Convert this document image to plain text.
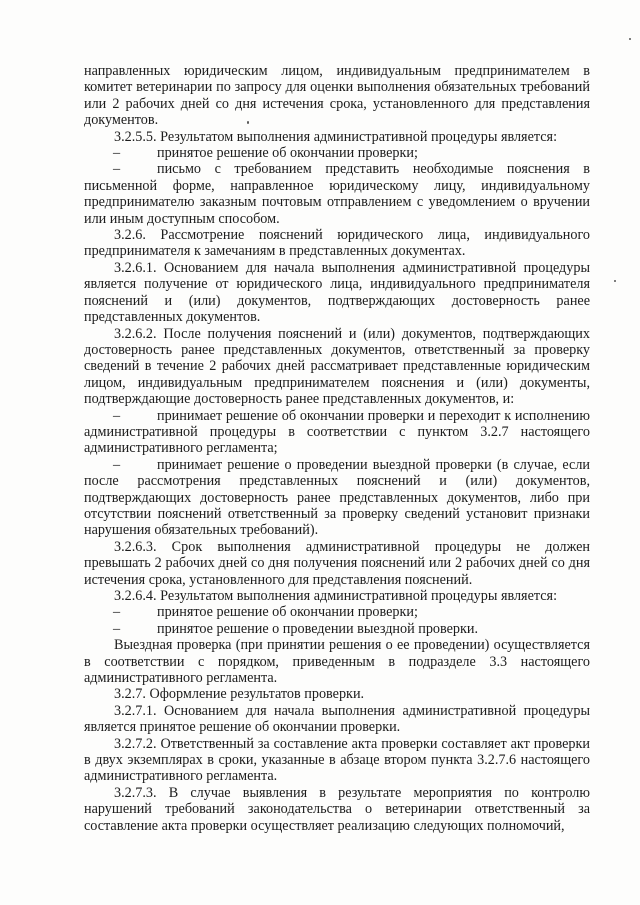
направленных юридическим лицом, индивидуальным предпринимателем в комитет ветеринарии по запросу для оценки выполнения обязательных требований или 2 рабочих дней со дня истечения срока, установленного для представления документов.

3.2.5.5. Результатом выполнения административной процедуры является:

–	принятое решение об окончании проверки;

–	письмо с требованием представить необходимые пояснения в письменной форме, направленное юридическому лицу, индивидуальному предпринимателю заказным почтовым отправлением с уведомлением о вручении или иным доступным способом.

3.2.6. Рассмотрение пояснений юридического лица, индивидуального предпринимателя к замечаниям в представленных документах.

3.2.6.1. Основанием для начала выполнения административной процедуры является получение от юридического лица, индивидуального предпринимателя пояснений и (или) документов, подтверждающих достоверность ранее представленных документов.

3.2.6.2. После получения пояснений и (или) документов, подтверждающих достоверность ранее представленных документов, ответственный за проверку сведений в течение 2 рабочих дней рассматривает представленные юридическим лицом, индивидуальным предпринимателем пояснения и (или) документы, подтверждающие достоверность ранее представленных документов, и:

–	принимает решение об окончании проверки и переходит к исполнению административной процедуры в соответствии с пунктом 3.2.7 настоящего административного регламента;

–	принимает решение о проведении выездной проверки (в случае, если после рассмотрения представленных пояснений и (или) документов, подтверждающих достоверность ранее представленных документов, либо при отсутствии пояснений ответственный за проверку сведений установит признаки нарушения обязательных требований).

3.2.6.3. Срок выполнения административной процедуры не должен превышать 2 рабочих дней со дня получения пояснений или 2 рабочих дней со дня истечения срока, установленного для представления пояснений.

3.2.6.4. Результатом выполнения административной процедуры является:

–	принятое решение об окончании проверки;

–	принятое решение о проведении выездной проверки.

Выездная проверка (при принятии решения о ее проведении) осуществляется в соответствии с порядком, приведенным в подразделе 3.3 настоящего административного регламента.

3.2.7. Оформление результатов проверки.

3.2.7.1. Основанием для начала выполнения административной процедуры является принятое решение об окончании проверки.

3.2.7.2. Ответственный за составление акта проверки составляет акт проверки в двух экземплярах в сроки, указанные в абзаце втором пункта 3.2.7.6 настоящего административного регламента.

3.2.7.3. В случае выявления в результате мероприятия по контролю нарушений требований законодательства о ветеринарии ответственный за составление акта проверки осуществляет реализацию следующих полномочий,
